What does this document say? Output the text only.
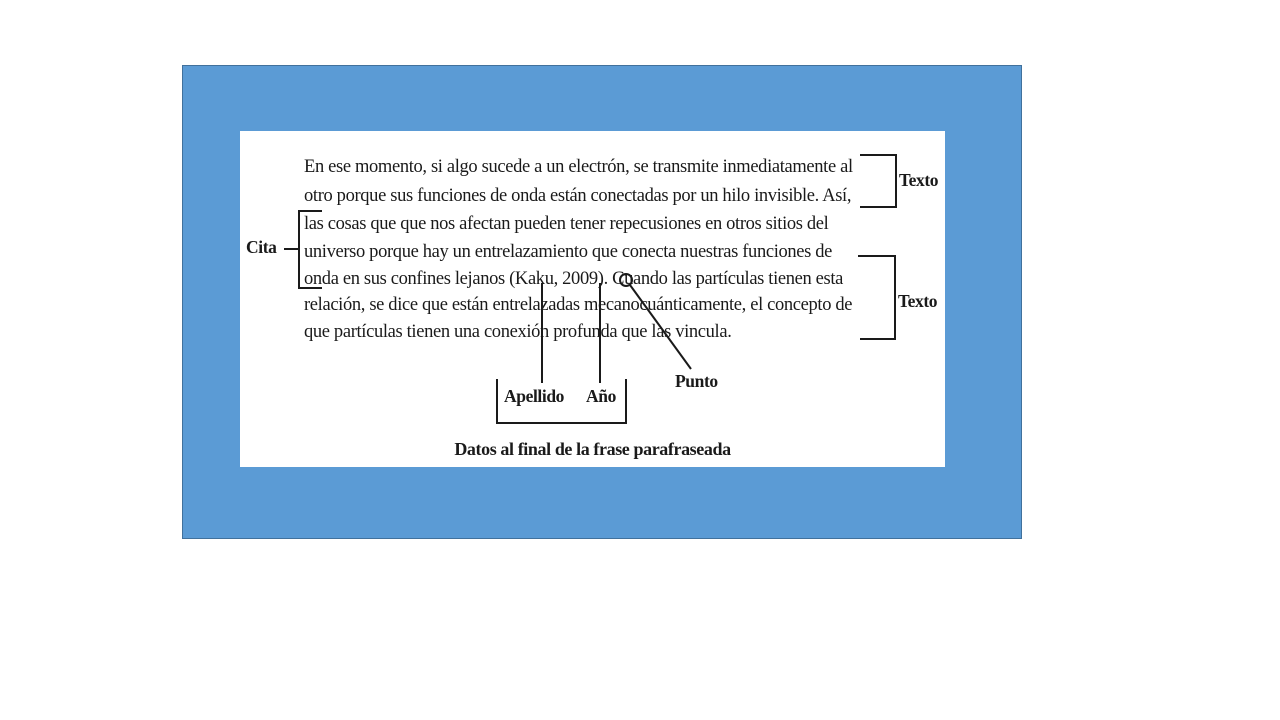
En ese momento, si algo sucede a un electrón, se transmite inmediatamente al
otro porque sus funciones de onda están conectadas por un hilo invisible. Así,
las cosas que que nos afectan pueden tener repecusiones en otros sitios del
universo porque hay un entrelazamiento que conecta nuestras funciones de
onda en sus confines lejanos (Kaku, 2009). Cuando las partículas tienen esta
relación, se dice que están entrelazadas mecanocuánticamente, el concepto de
que partículas tienen una conexión profunda que las vincula.
Texto
Texto
Cita
Punto
Apellido Año
Datos al final de la frase parafraseada
